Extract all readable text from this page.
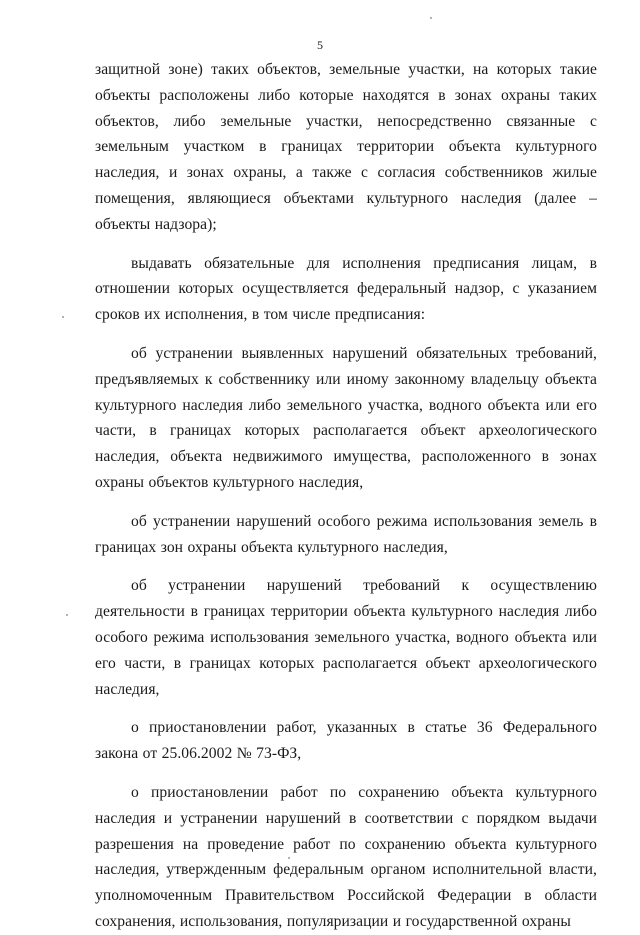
5

защитной зоне) таких объектов, земельные участки, на которых такие объекты расположены либо которые находятся в зонах охраны таких объектов, либо земельные участки, непосредственно связанные с земельным участком в границах территории объекта культурного наследия, и зонах охраны, а также с согласия собственников жилые помещения, являющиеся объектами культурного наследия (далее – объекты надзора);

выдавать обязательные для исполнения предписания лицам, в отношении которых осуществляется федеральный надзор, с указанием сроков их исполнения, в том числе предписания:

об устранении выявленных нарушений обязательных требований, предъявляемых к собственнику или иному законному владельцу объекта культурного наследия либо земельного участка, водного объекта или его части, в границах которых располагается объект археологического наследия, объекта недвижимого имущества, расположенного в зонах охраны объектов культурного наследия,

об устранении нарушений особого режима использования земель в границах зон охраны объекта культурного наследия,

об устранении нарушений требований к осуществлению деятельности в границах территории объекта культурного наследия либо особого режима использования земельного участка, водного объекта или его части, в границах которых располагается объект археологического наследия,

о приостановлении работ, указанных в статье 36 Федерального закона от 25.06.2002 № 73-ФЗ,

о приостановлении работ по сохранению объекта культурного наследия и устранении нарушений в соответствии с порядком выдачи разрешения на проведение работ по сохранению объекта культурного наследия, утвержденным федеральным органом исполнительной власти, уполномоченным Правительством Российской Федерации в области сохранения, использования, популяризации и государственной охраны
